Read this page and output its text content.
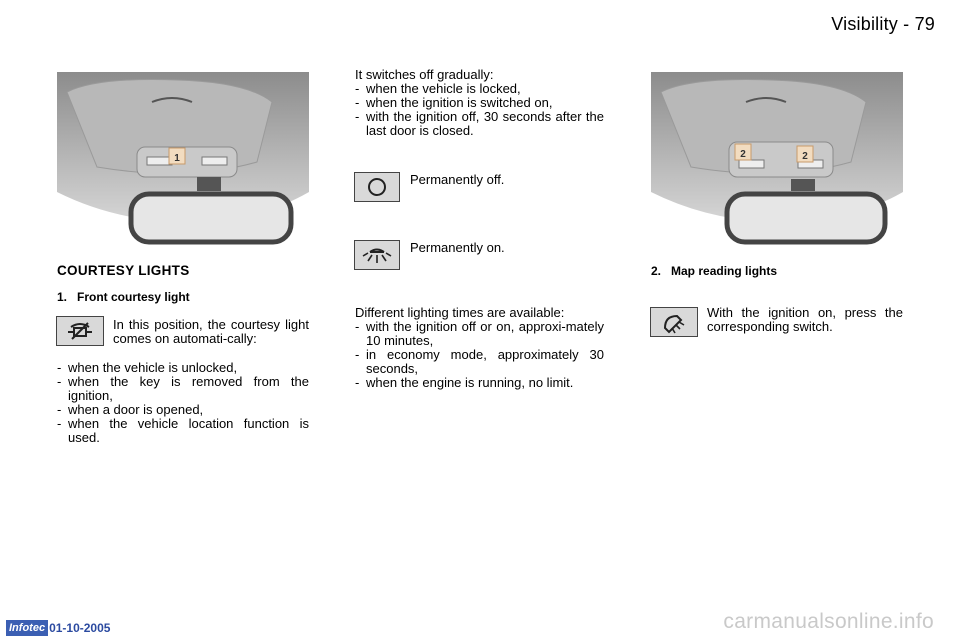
Visibility - 79
1
COURTESY LIGHTS
1.   Front courtesy light
In this position, the courtesy light comes on automati-cally:
- when the vehicle is unlocked,
- when the key is removed from the ignition,
- when a door is opened,
- when the vehicle location function is used.
It switches off gradually:
- when the vehicle is locked,
- when the ignition is switched on,
- with the ignition off, 30 seconds after the last door is closed.
Permanently off.
Permanently on.
Different lighting times are available:
- with the ignition off or on, approxi-mately 10 minutes,
- in economy mode, approximately 30 seconds,
- when the engine is running, no limit.
2	2
2.   Map reading lights
With the ignition on, press the corresponding switch.
Infotec 01-10-2005	carmanualsonline.info
